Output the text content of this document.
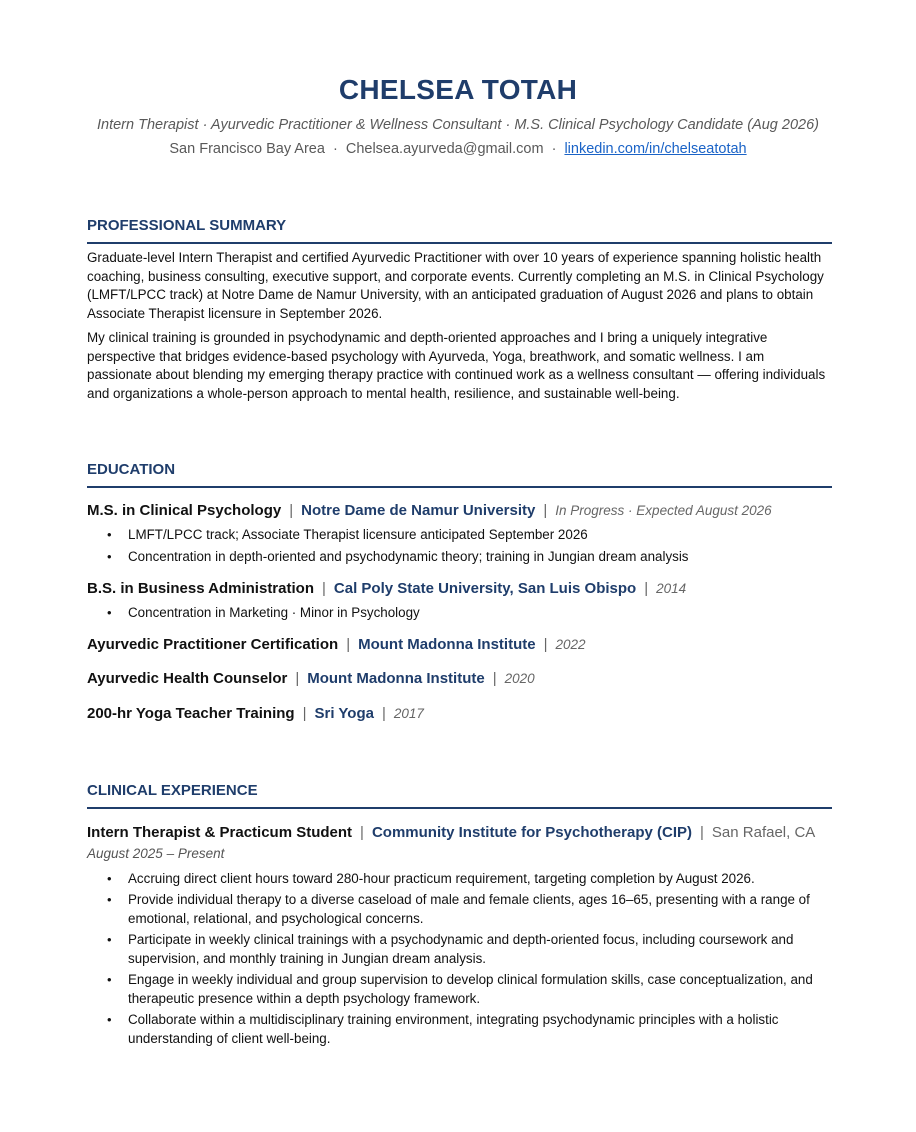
CHELSEA TOTAH
Intern Therapist · Ayurvedic Practitioner & Wellness Consultant · M.S. Clinical Psychology Candidate (Aug 2026)
San Francisco Bay Area · Chelsea.ayurveda@gmail.com · linkedin.com/in/chelseatotah
PROFESSIONAL SUMMARY
Graduate-level Intern Therapist and certified Ayurvedic Practitioner with over 10 years of experience spanning holistic health coaching, business consulting, executive support, and corporate events. Currently completing an M.S. in Clinical Psychology (LMFT/LPCC track) at Notre Dame de Namur University, with an anticipated graduation of August 2026 and plans to obtain Associate Therapist licensure in September 2026.
My clinical training is grounded in psychodynamic and depth-oriented approaches and I bring a uniquely integrative perspective that bridges evidence-based psychology with Ayurveda, Yoga, breathwork, and somatic wellness. I am passionate about blending my emerging therapy practice with continued work as a wellness consultant — offering individuals and organizations a whole-person approach to mental health, resilience, and sustainable well-being.
EDUCATION
M.S. in Clinical Psychology | Notre Dame de Namur University | In Progress · Expected August 2026
• LMFT/LPCC track; Associate Therapist licensure anticipated September 2026
• Concentration in depth-oriented and psychodynamic theory; training in Jungian dream analysis
B.S. in Business Administration | Cal Poly State University, San Luis Obispo | 2014
• Concentration in Marketing · Minor in Psychology
Ayurvedic Practitioner Certification | Mount Madonna Institute | 2022
Ayurvedic Health Counselor | Mount Madonna Institute | 2020
200-hr Yoga Teacher Training | Sri Yoga | 2017
CLINICAL EXPERIENCE
Intern Therapist & Practicum Student | Community Institute for Psychotherapy (CIP) | San Rafael, CA
August 2025 – Present
• Accruing direct client hours toward 280-hour practicum requirement, targeting completion by August 2026.
• Provide individual therapy to a diverse caseload of male and female clients, ages 16–65, presenting with a range of emotional, relational, and psychological concerns.
• Participate in weekly clinical trainings with a psychodynamic and depth-oriented focus, including coursework and supervision, and monthly training in Jungian dream analysis.
• Engage in weekly individual and group supervision to develop clinical formulation skills, case conceptualization, and therapeutic presence within a depth psychology framework.
• Collaborate within a multidisciplinary training environment, integrating psychodynamic principles with a holistic understanding of client well-being.
